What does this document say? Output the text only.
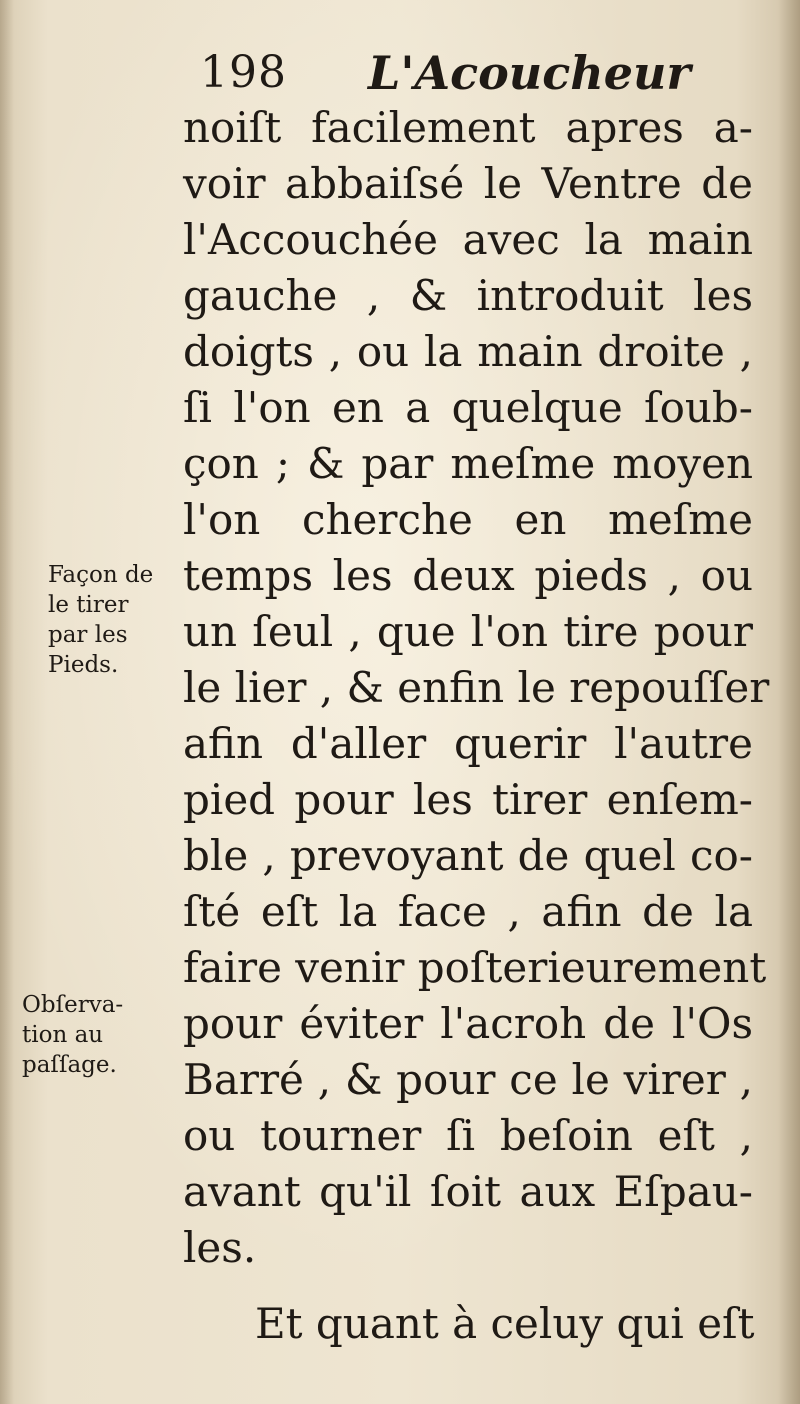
198 L'Acoucheur
noiſt facilement apres a-
voir abbaiſsé le Ventre de
l'Accouchée avec la main
gauche , & introduit les
doigts , ou la main droite ,
ſi l'on en a quelque ſoub-
çon ; & par meſme moyen
l'on cherche en meſme
temps les deux pieds , ou
un ſeul , que l'on tire pour
le lier , & enfin le repouſſer
afin d'aller querir l'autre
pied pour les tirer enſem-
ble , prevoyant de quel co-
ſté eſt la face , afin de la
faire venir poſterieurement
pour éviter l'acroh de l'Os
Barré , & pour ce le virer ,
ou tourner ſi beſoin eſt ,
avant qu'il ſoit aux Eſpau-
les.
Et quant à celuy qui eſt
Façon de
le tirer
par les
Pieds.
Obſerva-
tion au
paſſage.
